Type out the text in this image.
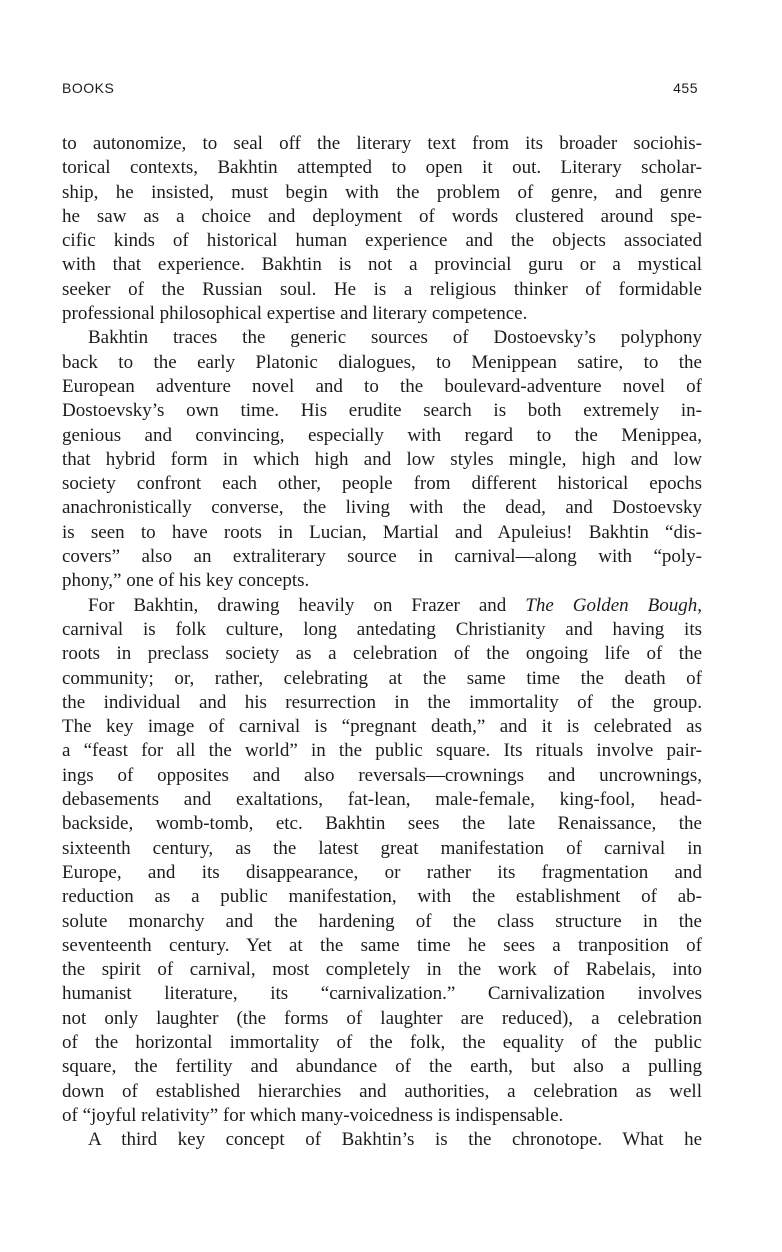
BOOKS	455
to autonomize, to seal off the literary text from its broader sociohis-
torical contexts, Bakhtin attempted to open it out. Literary scholar-
ship, he insisted, must begin with the problem of genre, and genre
he saw as a choice and deployment of words clustered around spe-
cific kinds of historical human experience and the objects associated
with that experience. Bakhtin is not a provincial guru or a mystical
seeker of the Russian soul. He is a religious thinker of formidable
professional philosophical expertise and literary competence.
Bakhtin traces the generic sources of Dostoevsky’s polyphony
back to the early Platonic dialogues, to Menippean satire, to the
European adventure novel and to the boulevard-adventure novel of
Dostoevsky’s own time. His erudite search is both extremely in-
genious and convincing, especially with regard to the Menippea,
that hybrid form in which high and low styles mingle, high and low
society confront each other, people from different historical epochs
anachronistically converse, the living with the dead, and Dostoevsky
is seen to have roots in Lucian, Martial and Apuleius! Bakhtin “dis-
covers” also an extraliterary source in carnival—along with “poly-
phony,” one of his key concepts.
For Bakhtin, drawing heavily on Frazer and The Golden Bough,
carnival is folk culture, long antedating Christianity and having its
roots in preclass society as a celebration of the ongoing life of the
community; or, rather, celebrating at the same time the death of
the individual and his resurrection in the immortality of the group.
The key image of carnival is “pregnant death,” and it is celebrated as
a “feast for all the world” in the public square. Its rituals involve pair-
ings of opposites and also reversals—crownings and uncrownings,
debasements and exaltations, fat-lean, male-female, king-fool, head-
backside, womb-tomb, etc. Bakhtin sees the late Renaissance, the
sixteenth century, as the latest great manifestation of carnival in
Europe, and its disappearance, or rather its fragmentation and
reduction as a public manifestation, with the establishment of ab-
solute monarchy and the hardening of the class structure in the
seventeenth century. Yet at the same time he sees a tranposition of
the spirit of carnival, most completely in the work of Rabelais, into
humanist literature, its “carnivalization.” Carnivalization involves
not only laughter (the forms of laughter are reduced), a celebration
of the horizontal immortality of the folk, the equality of the public
square, the fertility and abundance of the earth, but also a pulling
down of established hierarchies and authorities, a celebration as well
of “joyful relativity” for which many-voicedness is indispensable.
A third key concept of Bakhtin’s is the chronotope. What he
